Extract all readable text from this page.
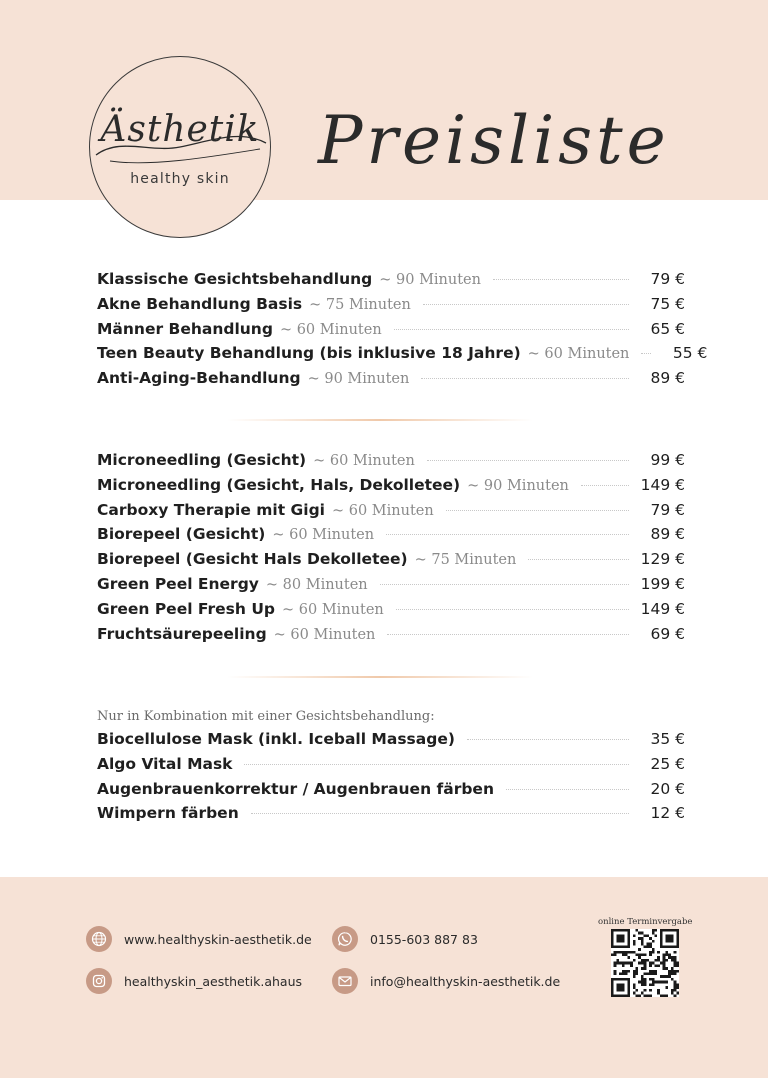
Ästhetik
healthy skin	Preisliste
Klassische Gesichtsbehandlung ~ 90 Minuten	79 €
Akne Behandlung Basis ~ 75 Minuten	75 €
Männer Behandlung ~ 60 Minuten	65 €
Teen Beauty Behandlung (bis inklusive 18 Jahre) ~ 60 Minuten	55 €
Anti-Aging-Behandlung ~ 90 Minuten	89 €
Microneedling (Gesicht) ~ 60 Minuten	99 €
Microneedling (Gesicht, Hals, Dekolletee) ~ 90 Minuten	149 €
Carboxy Therapie mit Gigi ~ 60 Minuten	79 €
Biorepeel (Gesicht) ~ 60 Minuten	89 €
Biorepeel (Gesicht Hals Dekolletee) ~ 75 Minuten	129 €
Green Peel Energy ~ 80 Minuten	199 €
Green Peel Fresh Up ~ 60 Minuten	149 €
Fruchtsäurepeeling ~ 60 Minuten	69 €
Nur in Kombination mit einer Gesichtsbehandlung:
Biocellulose Mask (inkl. Iceball Massage)	35 €
Algo Vital Mask	25 €
Augenbrauenkorrektur / Augenbrauen färben	20 €
Wimpern färben	12 €
www.healthyskin-aesthetik.de	0155-603 887 83
healthyskin_aesthetik.ahaus	info@healthyskin-aesthetik.de
online Terminvergabe
